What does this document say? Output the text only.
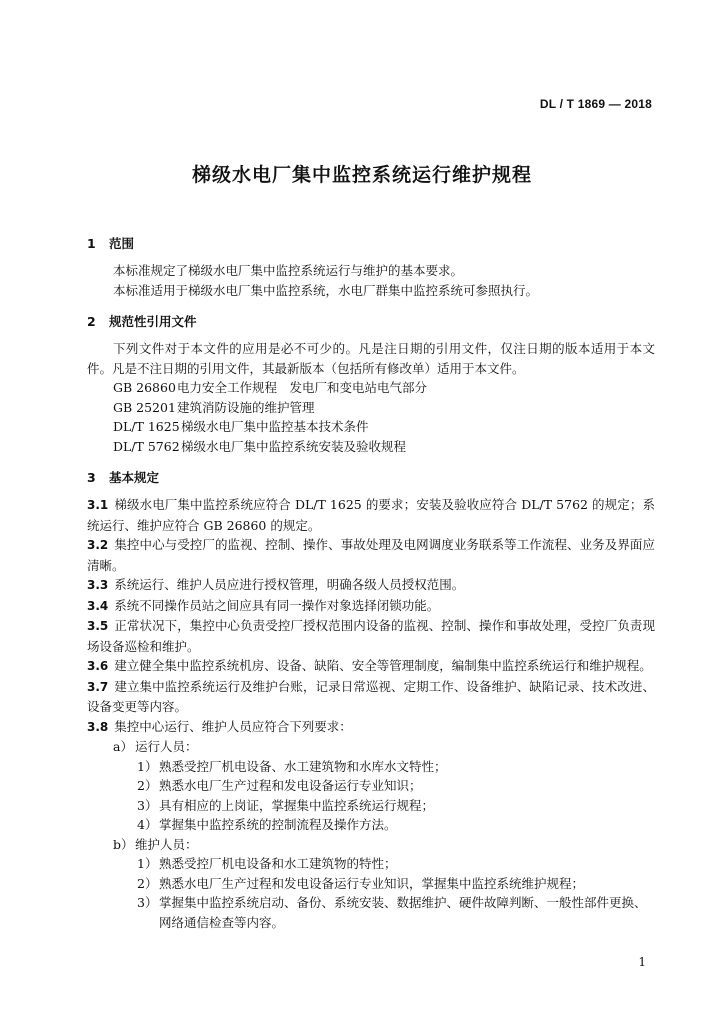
DL / T 1869 — 2018
梯级水电厂集中监控系统运行维护规程
1 范围
本标准规定了梯级水电厂集中监控系统运行与维护的基本要求。
本标准适用于梯级水电厂集中监控系统，水电厂群集中监控系统可参照执行。
2 规范性引用文件
下列文件对于本文件的应用是必不可少的。凡是注日期的引用文件，仅注日期的版本适用于本文件。凡是不注日期的引用文件，其最新版本（包括所有修改单）适用于本文件。
GB 26860电力安全工作规程　发电厂和变电站电气部分
GB 25201建筑消防设施的维护管理
DL/T 1625梯级水电厂集中监控基本技术条件
DL/T 5762梯级水电厂集中监控系统安装及验收规程
3 基本规定
3.1 梯级水电厂集中监控系统应符合 DL/T 1625 的要求；安装及验收应符合 DL/T 5762 的规定；系统运行、维护应符合 GB 26860 的规定。
3.2 集控中心与受控厂的监视、控制、操作、事故处理及电网调度业务联系等工作流程、业务及界面应清晰。
3.3 系统运行、维护人员应进行授权管理，明确各级人员授权范围。
3.4 系统不同操作员站之间应具有同一操作对象选择闭锁功能。
3.5 正常状况下，集控中心负责受控厂授权范围内设备的监视、控制、操作和事故处理，受控厂负责现场设备巡检和维护。
3.6 建立健全集中监控系统机房、设备、缺陷、安全等管理制度，编制集中监控系统运行和维护规程。
3.7 建立集中监控系统运行及维护台账，记录日常巡视、定期工作、设备维护、缺陷记录、技术改进、设备变更等内容。
3.8 集控中心运行、维护人员应符合下列要求：
a） 运行人员：
1） 熟悉受控厂机电设备、水工建筑物和水库水文特性；
2） 熟悉水电厂生产过程和发电设备运行专业知识；
3） 具有相应的上岗证，掌握集中监控系统运行规程；
4） 掌握集中监控系统的控制流程及操作方法。
b）维护人员：
1） 熟悉受控厂机电设备和水工建筑物的特性；
2） 熟悉水电厂生产过程和发电设备运行专业知识，掌握集中监控系统维护规程；
3） 掌握集中监控系统启动、备份、系统安装、数据维护、硬件故障判断、一般性部件更换、
网络通信检查等内容。
1
